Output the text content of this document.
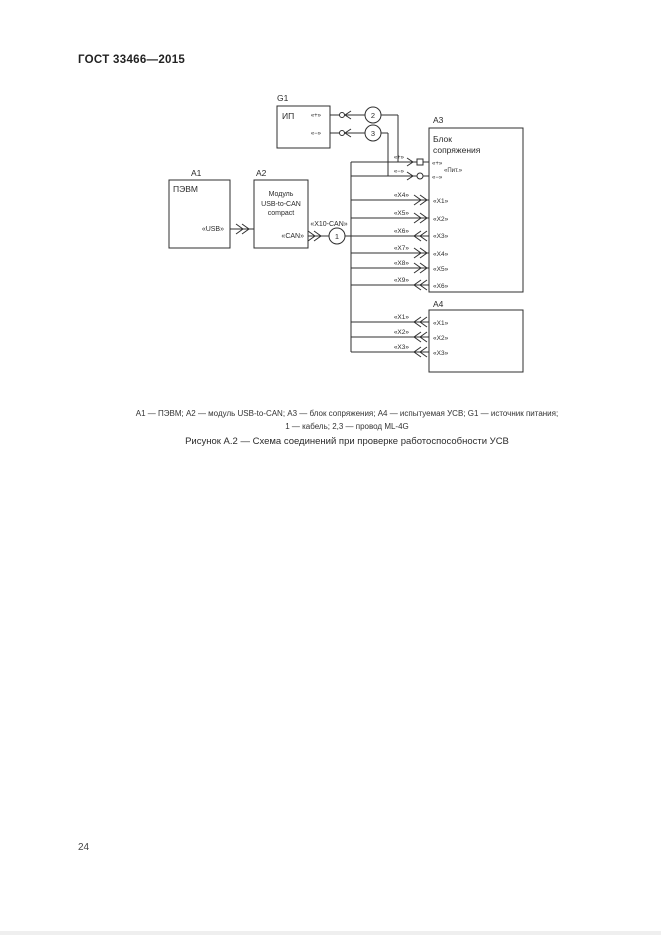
ГОСТ 33466—2015
1
2
3
G1
ИП	«+»
«−»
A1
ПЭВМ
«USB»
A2
Модуль
USB-to-CAN
compact
«CAN»
A3
Блок
сопряжения
«+»
«Пит.»
«−»
«X1»
«X2»
«X3»
«X4»
«X5»
«X6»
A4
«X1»
«X2»
«X3»
«X10-CAN»
«+»
«−»
«X4»
«X5»
«X6»
«X7»
«X8»
«X9»
«X1»
«X2»
«X3»
А1 — ПЭВМ; А2 — модуль USB-to-CAN; А3 — блок сопряжения; А4 — испытуемая УСВ; G1 — источник питания;
1 — кабель; 2,3 — провод ML-4G
Рисунок А.2 — Схема соединений при проверке работоспособности УСВ
24
